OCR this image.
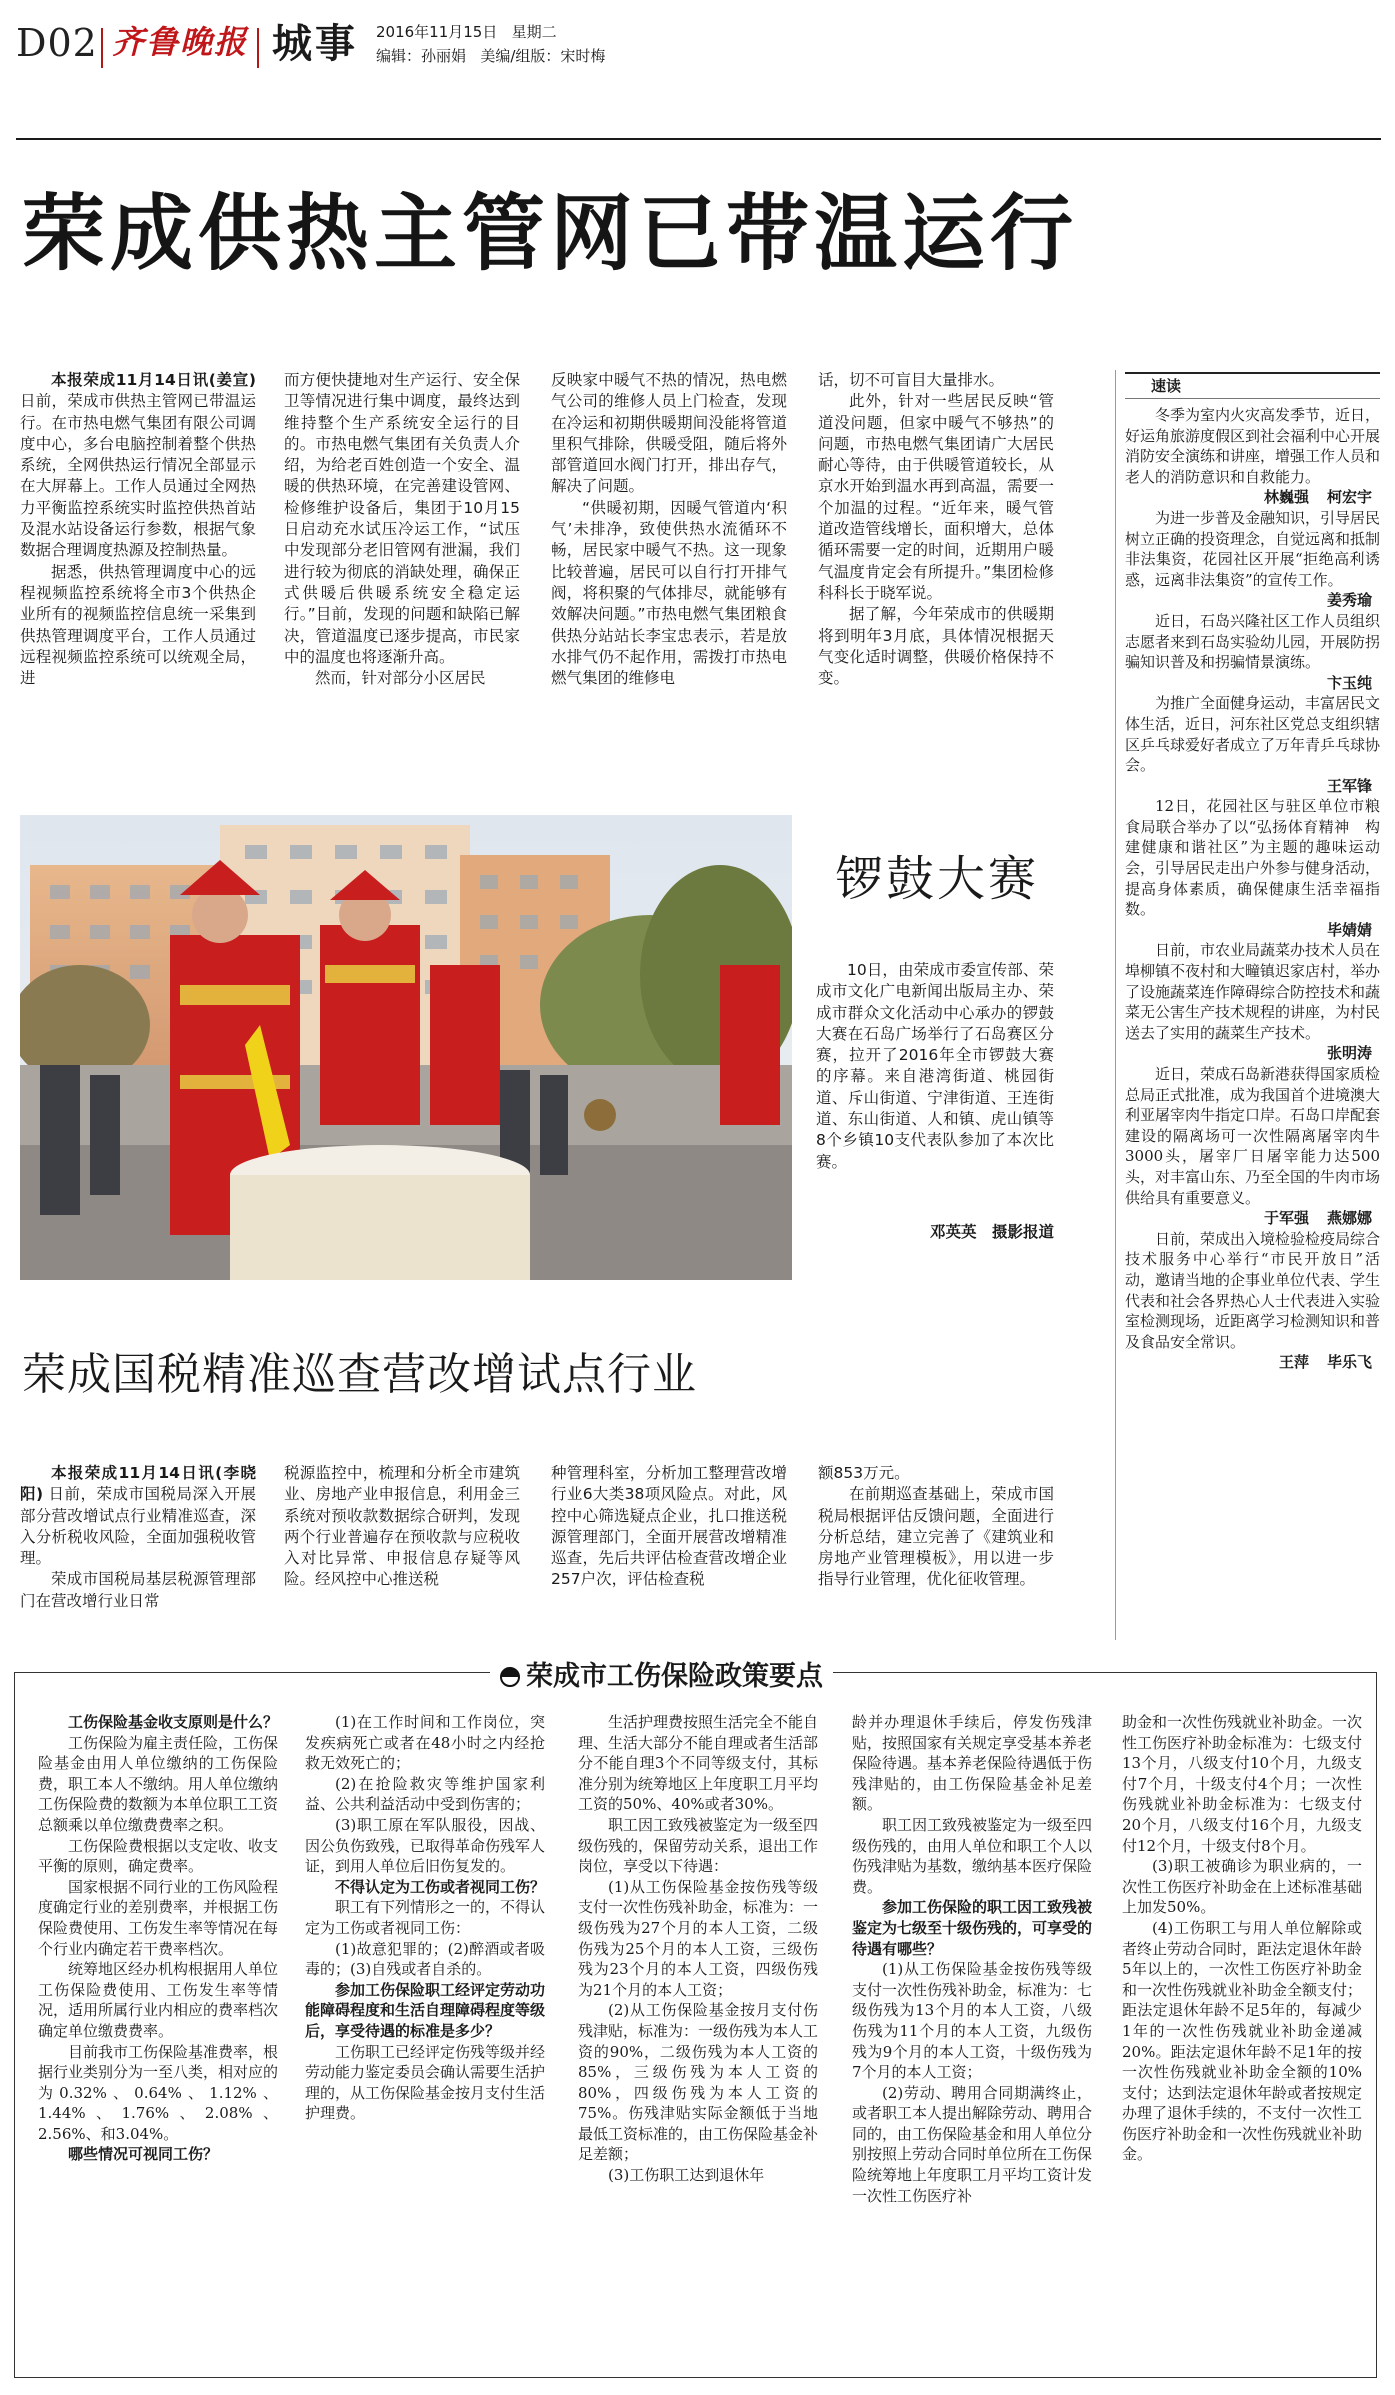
D02 齐鲁晚报 城事 2016年11月15日 星期二
编辑：孙丽娟 美编/组版：宋时梅
荣成供热主管网已带温运行

本报荣成11月14日讯(姜宣) 日前，荣成市供热主管网已带温运行。在市热电燃气集团有限公司调度中心，多台电脑控制着整个供热系统，全网供热运行情况全部显示在大屏幕上。工作人员通过全网热力平衡监控系统实时监控供热首站及混水站设备运行参数，根据气象数据合理调度热源及控制热量。

据悉，供热管理调度中心的远程视频监控系统将全市3个供热企业所有的视频监控信息统一采集到供热管理调度平台，工作人员通过远程视频监控系统可以统观全局，进

而方便快捷地对生产运行、安全保卫等情况进行集中调度，最终达到维持整个生产系统安全运行的目的。市热电燃气集团有关负责人介绍，为给老百姓创造一个安全、温暖的供热环境，在完善建设管网、检修维护设备后，集团于10月15日启动充水试压冷运工作，“试压中发现部分老旧管网有泄漏，我们进行较为彻底的消缺处理，确保正式供暖后供暖系统安全稳定运行。”目前，发现的问题和缺陷已解决，管道温度已逐步提高，市民家中的温度也将逐渐升高。

然而，针对部分小区居民

反映家中暖气不热的情况，热电燃气公司的维修人员上门检查，发现在冷运和初期供暖期间没能将管道里积气排除，供暖受阻，随后将外部管道回水阀门打开，排出存气，解决了问题。

“供暖初期，因暖气管道内‘积气’未排净，致使供热水流循环不畅，居民家中暖气不热。这一现象比较普遍，居民可以自行打开排气阀，将积聚的气体排尽，就能够有效解决问题。”市热电燃气集团粮食供热分站站长李宝忠表示，若是放水排气仍不起作用，需拨打市热电燃气集团的维修电

话，切不可盲目大量排水。

此外，针对一些居民反映“管道没问题，但家中暖气不够热”的问题，市热电燃气集团请广大居民耐心等待，由于供暖管道较长，从京水开始到温水再到高温，需要一个加温的过程。“近年来，暖气管道改造管线增长，面积增大，总体循环需要一定的时间，近期用户暖气温度肯定会有所提升。”集团检修科科长于晓军说。

据了解，今年荣成市的供暖期将到明年3月底，具体情况根据天气变化适时调整，供暖价格保持不变。

锣鼓大赛

10日，由荣成市委宣传部、荣成市文化广电新闻出版局主办、荣成市群众文化活动中心承办的锣鼓大赛在石岛广场举行了石岛赛区分赛，拉开了2016年全市锣鼓大赛的序幕。来自港湾街道、桃园街道、斥山街道、宁津街道、王连街道、东山街道、人和镇、虎山镇等8个乡镇10支代表队参加了本次比赛。

邓英英　摄影报道
荣成国税精准巡查营改增试点行业

本报荣成11月14日讯(李晓阳) 日前，荣成市国税局深入开展部分营改增试点行业精准巡查，深入分析税收风险，全面加强税收管理。

荣成市国税局基层税源管理部门在营改增行业日常

税源监控中，梳理和分析全市建筑业、房地产业申报信息，利用金三系统对预收款数据综合研判，发现两个行业普遍存在预收款与应税收入对比异常、申报信息存疑等风险。经风控中心推送税

种管理科室，分析加工整理营改增行业6大类38项风险点。对此，风控中心筛选疑点企业，扎口推送税源管理部门，全面开展营改增精准巡查，先后共评估检查营改增企业257户次，评估检查税

额853万元。

在前期巡查基础上，荣成市国税局根据评估反馈问题，全面进行分析总结，建立完善了《建筑业和房地产业管理模板》，用以进一步指导行业管理，优化征收管理。

速读

冬季为室内火灾高发季节，近日，好运角旅游度假区到社会福利中心开展消防安全演练和讲座，增强工作人员和老人的消防意识和自救能力。

林巍强 柯宏宇

为进一步普及金融知识，引导居民树立正确的投资理念，自觉远离和抵制非法集资，花园社区开展“拒绝高利诱惑，远离非法集资”的宣传工作。

姜秀瑜

近日，石岛兴隆社区工作人员组织志愿者来到石岛实验幼儿园，开展防拐骗知识普及和拐骗情景演练。

卞玉纯

为推广全面健身运动，丰富居民文体生活，近日，河东社区党总支组织辖区乒乓球爱好者成立了万年青乒乓球协会。

王军锋

12日，花园社区与驻区单位市粮食局联合举办了以“弘扬体育精神　构建健康和谐社区”为主题的趣味运动会，引导居民走出户外参与健身活动，提高身体素质，确保健康生活幸福指数。

毕婧婧

日前，市农业局蔬菜办技术人员在埠柳镇不夜村和大疃镇迟家店村，举办了设施蔬菜连作障碍综合防控技术和蔬菜无公害生产技术规程的讲座，为村民送去了实用的蔬菜生产技术。

张明涛

近日，荣成石岛新港获得国家质检总局正式批准，成为我国首个进境澳大利亚屠宰肉牛指定口岸。石岛口岸配套建设的隔离场可一次性隔离屠宰肉牛3000头，屠宰厂日屠宰能力达500头，对丰富山东、乃至全国的牛肉市场供给具有重要意义。

于军强 燕娜娜

日前，荣成出入境检验检疫局综合技术服务中心举行“市民开放日”活动，邀请当地的企事业单位代表、学生代表和社会各界热心人士代表进入实验室检测现场，近距离学习检测知识和普及食品安全常识。

王萍 毕乐飞
荣成市工伤保险政策要点

工伤保险基金收支原则是什么？

工伤保险为雇主责任险，工伤保险基金由用人单位缴纳的工伤保险费，职工本人不缴纳。用人单位缴纳工伤保险费的数额为本单位职工工资总额乘以单位缴费费率之积。

工伤保险费根据以支定收、收支平衡的原则，确定费率。

国家根据不同行业的工伤风险程度确定行业的差别费率，并根据工伤保险费使用、工伤发生率等情况在每个行业内确定若干费率档次。

统筹地区经办机构根据用人单位工伤保险费使用、工伤发生率等情况，适用所属行业内相应的费率档次确定单位缴费费率。

目前我市工伤保险基准费率，根据行业类别分为一至八类，相对应的为0.32%、0.64%、1.12%、1.44%、1.76%、2.08%、2.56%、和3.04%。

哪些情况可视同工伤？

(1)在工作时间和工作岗位，突发疾病死亡或者在48小时之内经抢救无效死亡的；

(2)在抢险救灾等维护国家利益、公共利益活动中受到伤害的；

(3)职工原在军队服役，因战、因公负伤致残，已取得革命伤残军人证，到用人单位后旧伤复发的。

不得认定为工伤或者视同工伤？

职工有下列情形之一的，不得认定为工伤或者视同工伤：

(1)故意犯罪的；(2)醉酒或者吸毒的；(3)自残或者自杀的。

参加工伤保险职工经评定劳动功能障碍程度和生活自理障碍程度等级后，享受待遇的标准是多少？

工伤职工已经评定伤残等级并经劳动能力鉴定委员会确认需要生活护理的，从工伤保险基金按月支付生活护理费。

生活护理费按照生活完全不能自理、生活大部分不能自理或者生活部分不能自理3个不同等级支付，其标准分别为统筹地区上年度职工月平均工资的50%、40%或者30%。

职工因工致残被鉴定为一级至四级伤残的，保留劳动关系，退出工作岗位，享受以下待遇：

(1)从工伤保险基金按伤残等级支付一次性伤残补助金，标准为：一级伤残为27个月的本人工资，二级伤残为25个月的本人工资，三级伤残为23个月的本人工资，四级伤残为21个月的本人工资；

(2)从工伤保险基金按月支付伤残津贴，标准为：一级伤残为本人工资的90%，二级伤残为本人工资的85%，三级伤残为本人工资的80%，四级伤残为本人工资的75%。伤残津贴实际金额低于当地最低工资标准的，由工伤保险基金补足差额；

(3)工伤职工达到退休年

龄并办理退休手续后，停发伤残津贴，按照国家有关规定享受基本养老保险待遇。基本养老保险待遇低于伤残津贴的，由工伤保险基金补足差额。

职工因工致残被鉴定为一级至四级伤残的，由用人单位和职工个人以伤残津贴为基数，缴纳基本医疗保险费。

参加工伤保险的职工因工致残被鉴定为七级至十级伤残的，可享受的待遇有哪些？

(1)从工伤保险基金按伤残等级支付一次性伤残补助金，标准为：七级伤残为13个月的本人工资，八级伤残为11个月的本人工资，九级伤残为9个月的本人工资，十级伤残为7个月的本人工资；

(2)劳动、聘用合同期满终止，或者职工本人提出解除劳动、聘用合同的，由工伤保险基金和用人单位分别按照上劳动合同时单位所在工伤保险统筹地上年度职工月平均工资计发一次性工伤医疗补

助金和一次性伤残就业补助金。一次性工伤医疗补助金标准为：七级支付13个月，八级支付10个月，九级支付7个月，十级支付4个月；一次性伤残就业补助金标准为：七级支付20个月，八级支付16个月，九级支付12个月，十级支付8个月。

(3)职工被确诊为职业病的，一次性工伤医疗补助金在上述标准基础上加发50%。

(4)工伤职工与用人单位解除或者终止劳动合同时，距法定退休年龄5年以上的，一次性工伤医疗补助金和一次性伤残就业补助金全额支付；距法定退休年龄不足5年的，每减少1年的一次性伤残就业补助金递减20%。距法定退休年龄不足1年的按一次性伤残就业补助金全额的10%支付；达到法定退休年龄或者按规定办理了退休手续的，不支付一次性工伤医疗补助金和一次性伤残就业补助金。
